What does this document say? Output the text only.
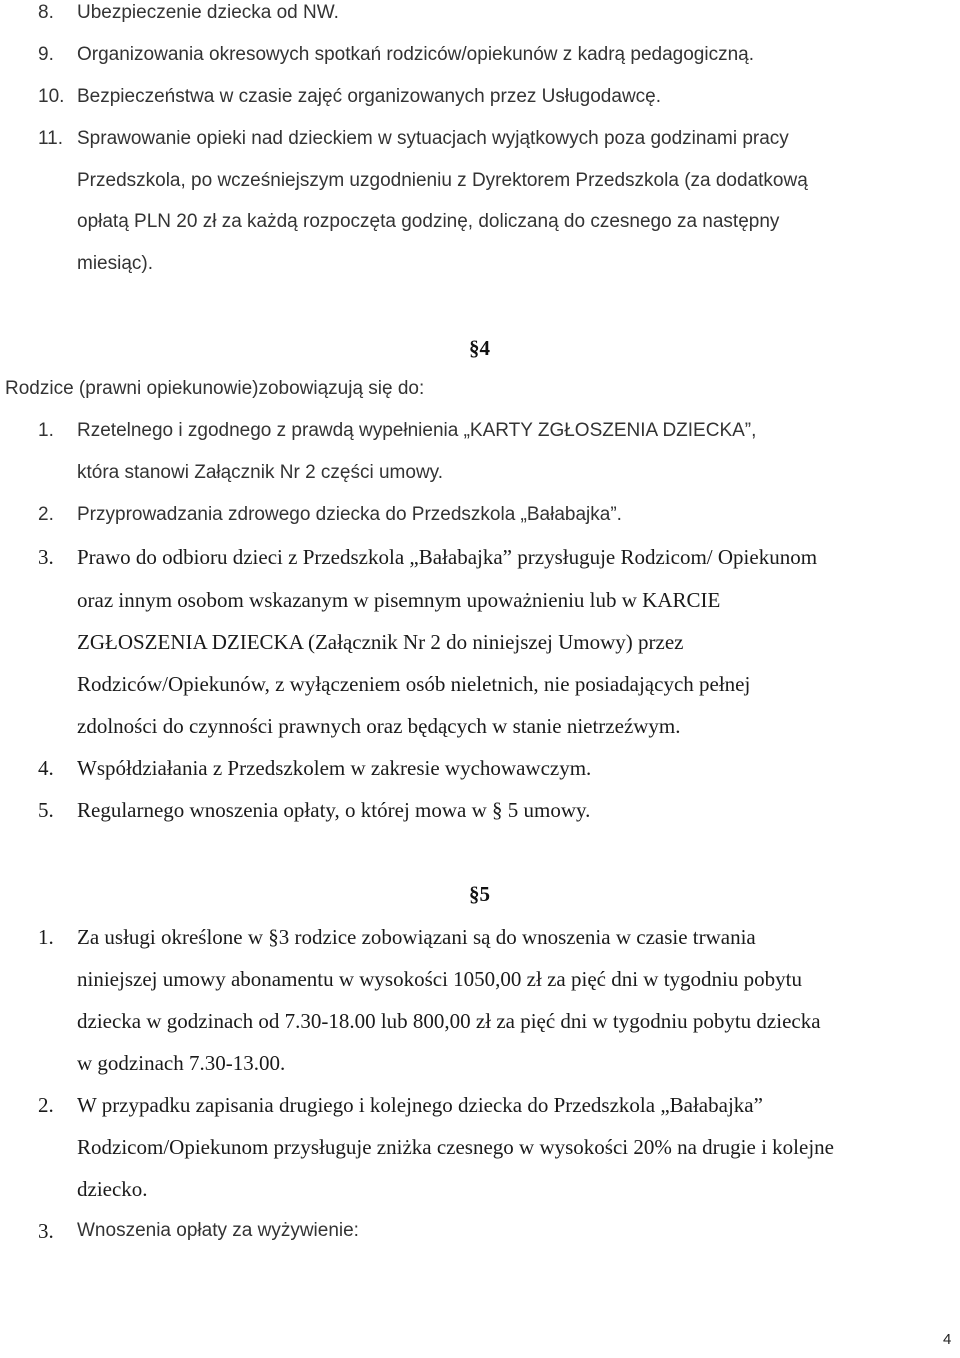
8. Ubezpieczenie dziecka od NW.
9. Organizowania okresowych spotkań rodziców/opiekunów z kadrą pedagogiczną.
10. Bezpieczeństwa w czasie zajęć organizowanych przez Usługodawcę.
11. Sprawowanie opieki nad dzieckiem w sytuacjach wyjątkowych poza godzinami pracy
Przedszkola, po wcześniejszym uzgodnieniu z Dyrektorem Przedszkola (za dodatkową
opłatą PLN 20 zł za każdą rozpoczęta godzinę, doliczaną do czesnego za następny
miesiąc).
§4
Rodzice (prawni opiekunowie)zobowiązują się do:
1. Rzetelnego i zgodnego z prawdą wypełnienia „KARTY ZGŁOSZENIA DZIECKA”,
która stanowi Załącznik Nr 2 części umowy.
2. Przyprowadzania zdrowego dziecka do Przedszkola „Bałabajka”.
3. Prawo do odbioru dzieci z Przedszkola „Bałabajka” przysługuje Rodzicom/ Opiekunom
oraz innym osobom wskazanym w pisemnym upoważnieniu lub w KARCIE
ZGŁOSZENIA DZIECKA (Załącznik Nr 2 do niniejszej Umowy) przez
Rodziców/Opiekunów, z wyłączeniem osób nieletnich, nie posiadających pełnej
zdolności do czynności prawnych oraz będących w stanie nietrzeźwym.
4. Współdziałania z Przedszkolem w zakresie wychowawczym.
5. Regularnego wnoszenia opłaty, o której mowa w § 5 umowy.
§5
1. Za usługi określone w §3 rodzice zobowiązani są do wnoszenia w czasie trwania
niniejszej umowy abonamentu w wysokości 1050,00 zł za pięć dni w tygodniu pobytu
dziecka w godzinach od 7.30-18.00 lub 800,00 zł za pięć dni w tygodniu pobytu dziecka
w godzinach 7.30-13.00.
2. W przypadku zapisania drugiego i kolejnego dziecka do Przedszkola „Bałabajka”
Rodzicom/Opiekunom przysługuje zniżka czesnego w wysokości 20% na drugie i kolejne
dziecko.
3. Wnoszenia opłaty za wyżywienie:
4
